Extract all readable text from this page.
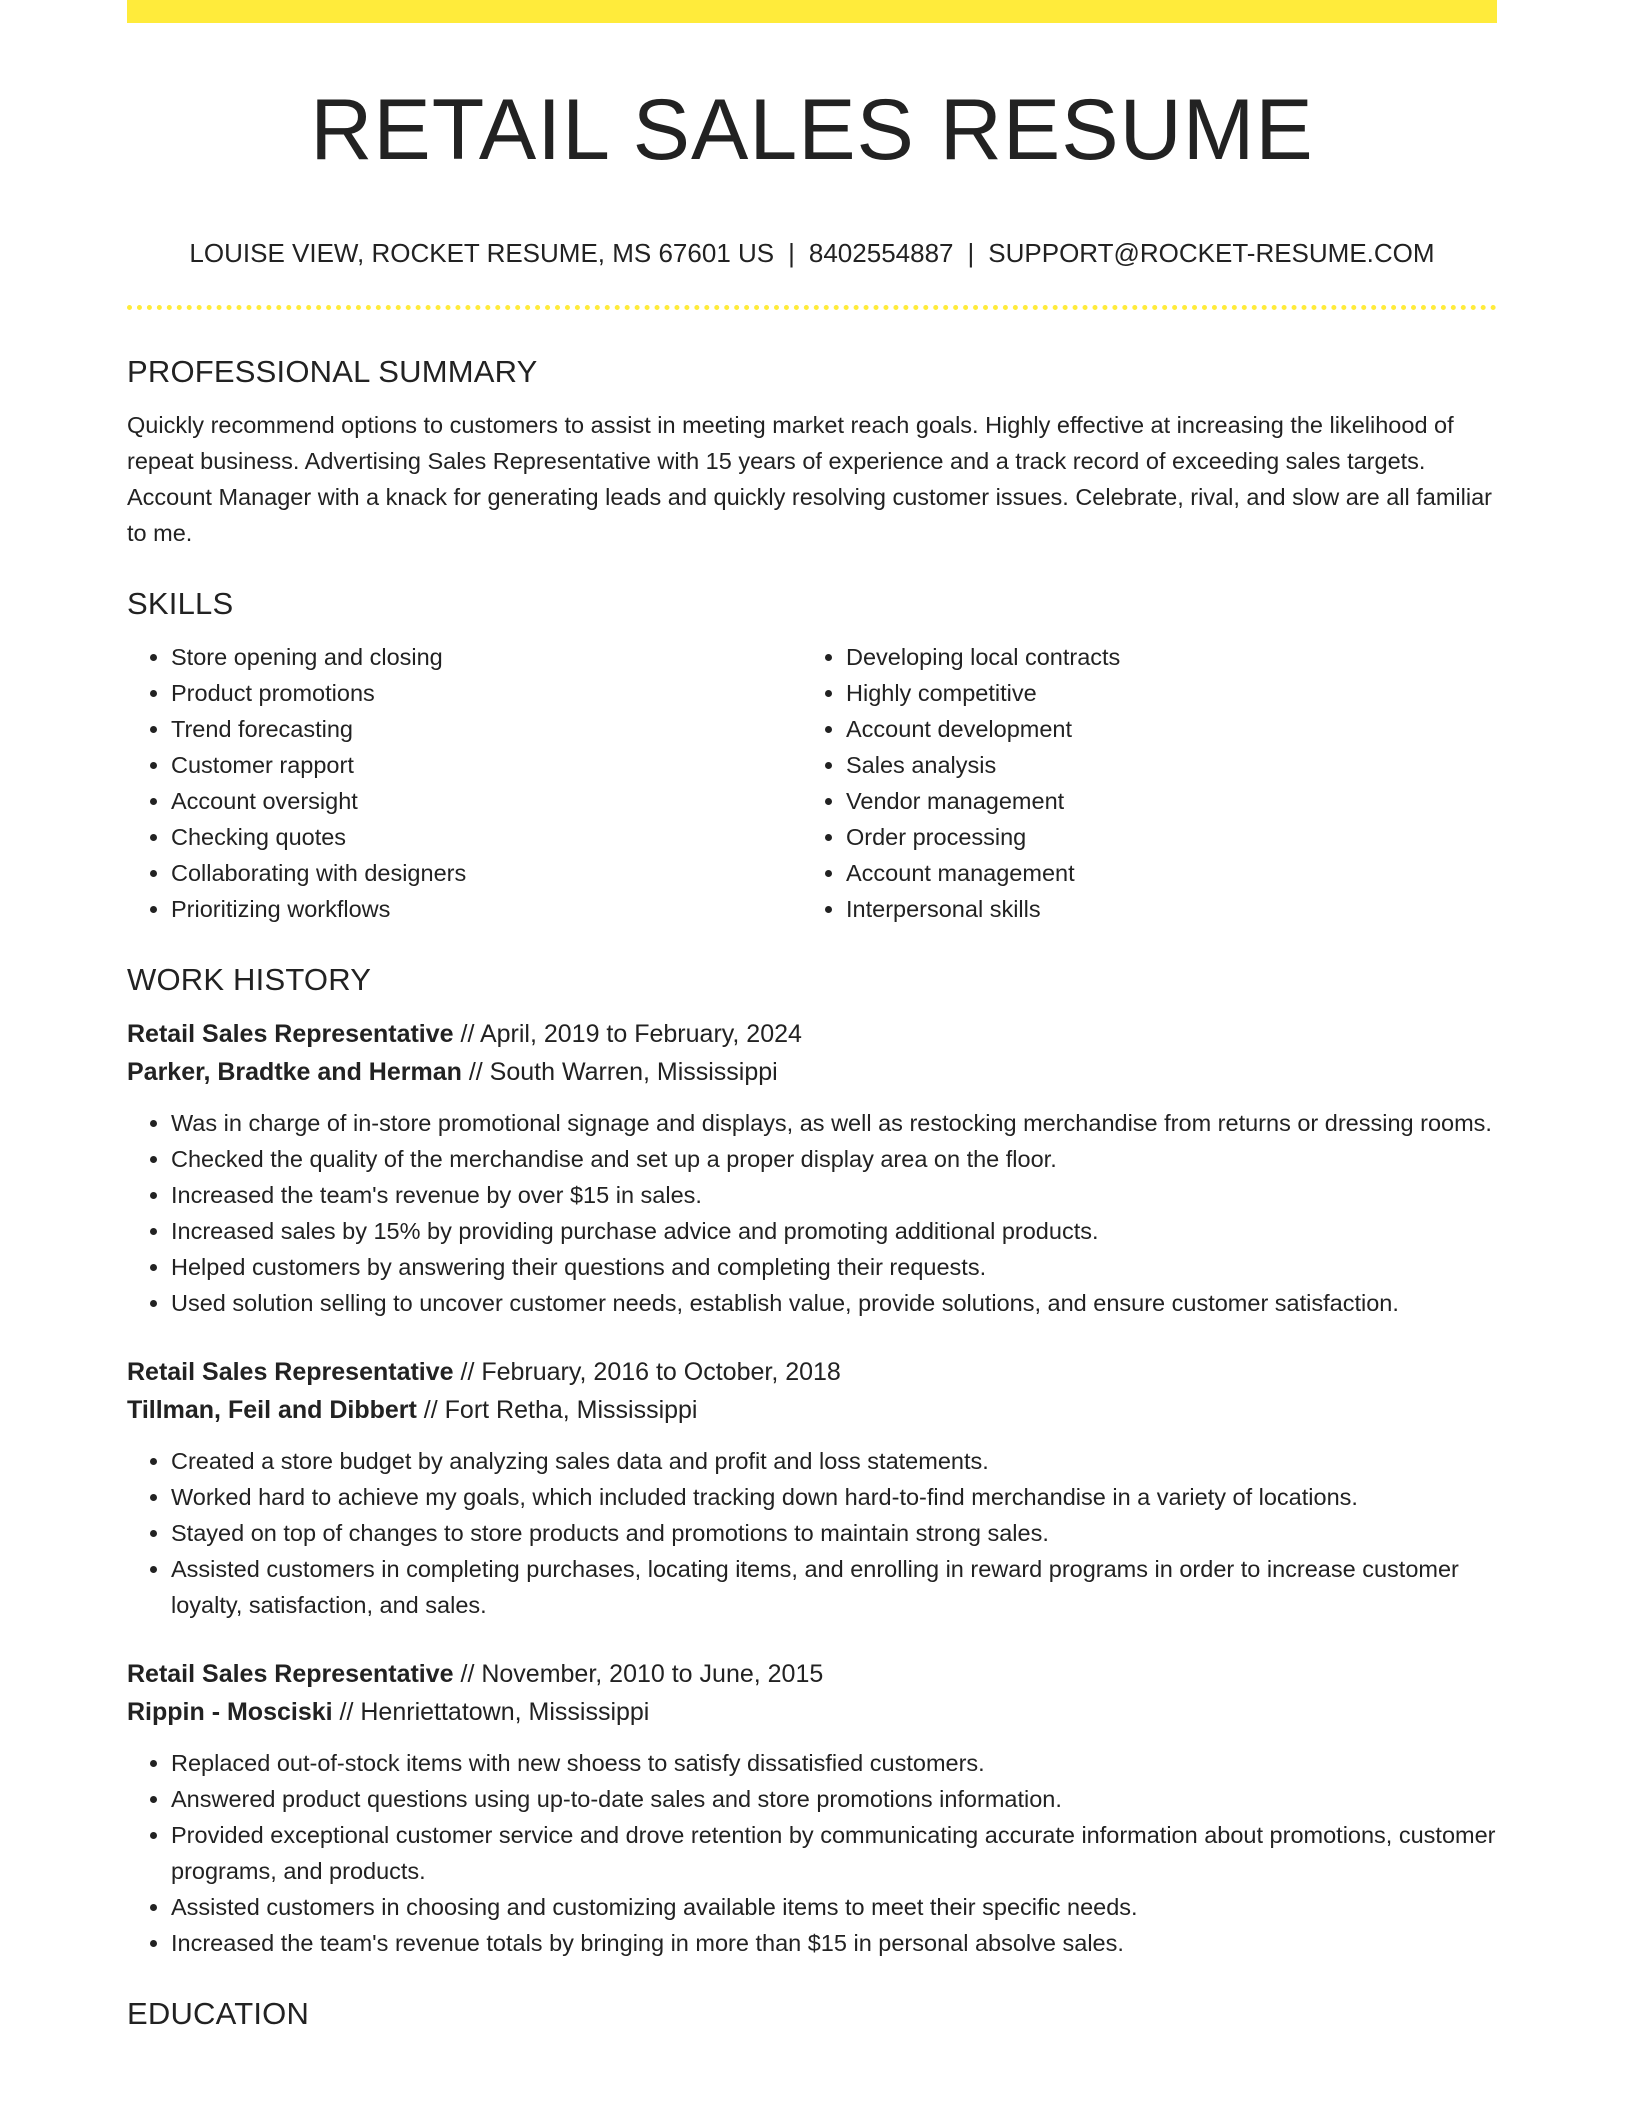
RETAIL SALES RESUME
LOUISE VIEW, ROCKET RESUME, MS 67601 US | 8402554887 | SUPPORT@ROCKET-RESUME.COM
PROFESSIONAL SUMMARY

Quickly recommend options to customers to assist in meeting market reach goals. Highly effective at increasing the likelihood of repeat business. Advertising Sales Representative with 15 years of experience and a track record of exceeding sales targets. Account Manager with a knack for generating leads and quickly resolving customer issues. Celebrate, rival, and slow are all familiar to me.

SKILLS
• Store opening and closing
• Product promotions
• Trend forecasting
• Customer rapport
• Account oversight
• Checking quotes
• Collaborating with designers
• Prioritizing workflows
• Developing local contracts
• Highly competitive
• Account development
• Sales analysis
• Vendor management
• Order processing
• Account management
• Interpersonal skills
WORK HISTORY
Retail Sales Representative // April, 2019 to February, 2024
Parker, Bradtke and Herman // South Warren, Mississippi
• Was in charge of in-store promotional signage and displays, as well as restocking merchandise from returns or dressing rooms.
• Checked the quality of the merchandise and set up a proper display area on the floor.
• Increased the team's revenue by over $15 in sales.
• Increased sales by 15% by providing purchase advice and promoting additional products.
• Helped customers by answering their questions and completing their requests.
• Used solution selling to uncover customer needs, establish value, provide solutions, and ensure customer satisfaction.
Retail Sales Representative // February, 2016 to October, 2018
Tillman, Feil and Dibbert // Fort Retha, Mississippi
• Created a store budget by analyzing sales data and profit and loss statements.
• Worked hard to achieve my goals, which included tracking down hard-to-find merchandise in a variety of locations.
• Stayed on top of changes to store products and promotions to maintain strong sales.
• Assisted customers in completing purchases, locating items, and enrolling in reward programs in order to increase customer loyalty, satisfaction, and sales.
Retail Sales Representative // November, 2010 to June, 2015
Rippin - Mosciski // Henriettatown, Mississippi
• Replaced out-of-stock items with new shoess to satisfy dissatisfied customers.
• Answered product questions using up-to-date sales and store promotions information.
• Provided exceptional customer service and drove retention by communicating accurate information about promotions, customer programs, and products.
• Assisted customers in choosing and customizing available items to meet their specific needs.
• Increased the team's revenue totals by bringing in more than $15 in personal absolve sales.
EDUCATION
